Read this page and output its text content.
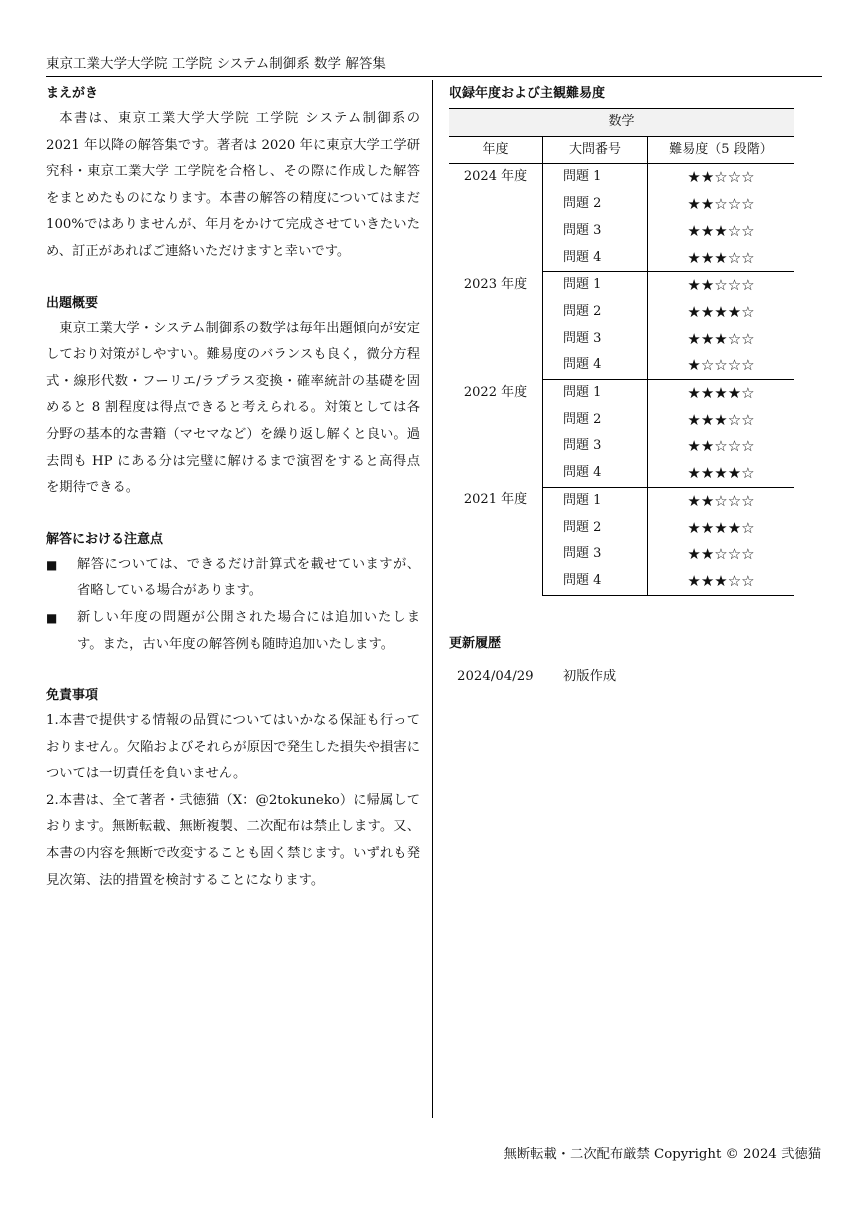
東京工業大学大学院 工学院 システム制御系 数学 解答集
まえがき

本書は、東京工業大学大学院 工学院 システム制御系の 2021 年以降の解答集です。著者は 2020 年に東京大学工学研究科・東京工業大学 工学院を合格し、その際に作成した解答をまとめたものになります。本書の解答の精度についてはまだ 100%ではありませんが、年月をかけて完成させていきたいため、訂正があればご連絡いただけますと幸いです。

出題概要

東京工業大学・システム制御系の数学は毎年出題傾向が安定しており対策がしやすい。難易度のバランスも良く，微分方程式・線形代数・フーリエ/ラプラス変換・確率統計の基礎を固めると 8 割程度は得点できると考えられる。対策としては各分野の基本的な書籍（マセマなど）を繰り返し解くと良い。過去問も HP にある分は完璧に解けるまで演習をすると高得点を期待できる。

解答における注意点
■ 解答については、できるだけ計算式を載せていますが、省略している場合があります。
■ 新しい年度の問題が公開された場合には追加いたします。また，古い年度の解答例も随時追加いたします。
免責事項

1.本書で提供する情報の品質についてはいかなる保証も行っておりません。欠陥およびそれらが原因で発生した損失や損害については一切責任を負いません。

2.本書は、全て著者・弐徳猫（X：@2tokuneko）に帰属しております。無断転載、無断複製、二次配布は禁止します。又、本書の内容を無断で改変することも固く禁じます。いずれも発見次第、法的措置を検討することになります。

収録年度および主観難易度
数学		
年度	大問番号	難易度（5 段階）
2024 年度	問題 1	★★☆☆☆
	問題 2	★★☆☆☆
	問題 3	★★★☆☆
	問題 4	★★★☆☆
2023 年度	問題 1	★★☆☆☆
	問題 2	★★★★☆
	問題 3	★★★☆☆
	問題 4	★☆☆☆☆
2022 年度	問題 1	★★★★☆
	問題 2	★★★☆☆
	問題 3	★★☆☆☆
	問題 4	★★★★☆
2021 年度	問題 1	★★☆☆☆
	問題 2	★★★★☆
	問題 3	★★☆☆☆
	問題 4	★★★☆☆
更新履歴
2024/04/29 初版作成
無断転載・二次配布厳禁 Copyright © 2024 弐徳猫
